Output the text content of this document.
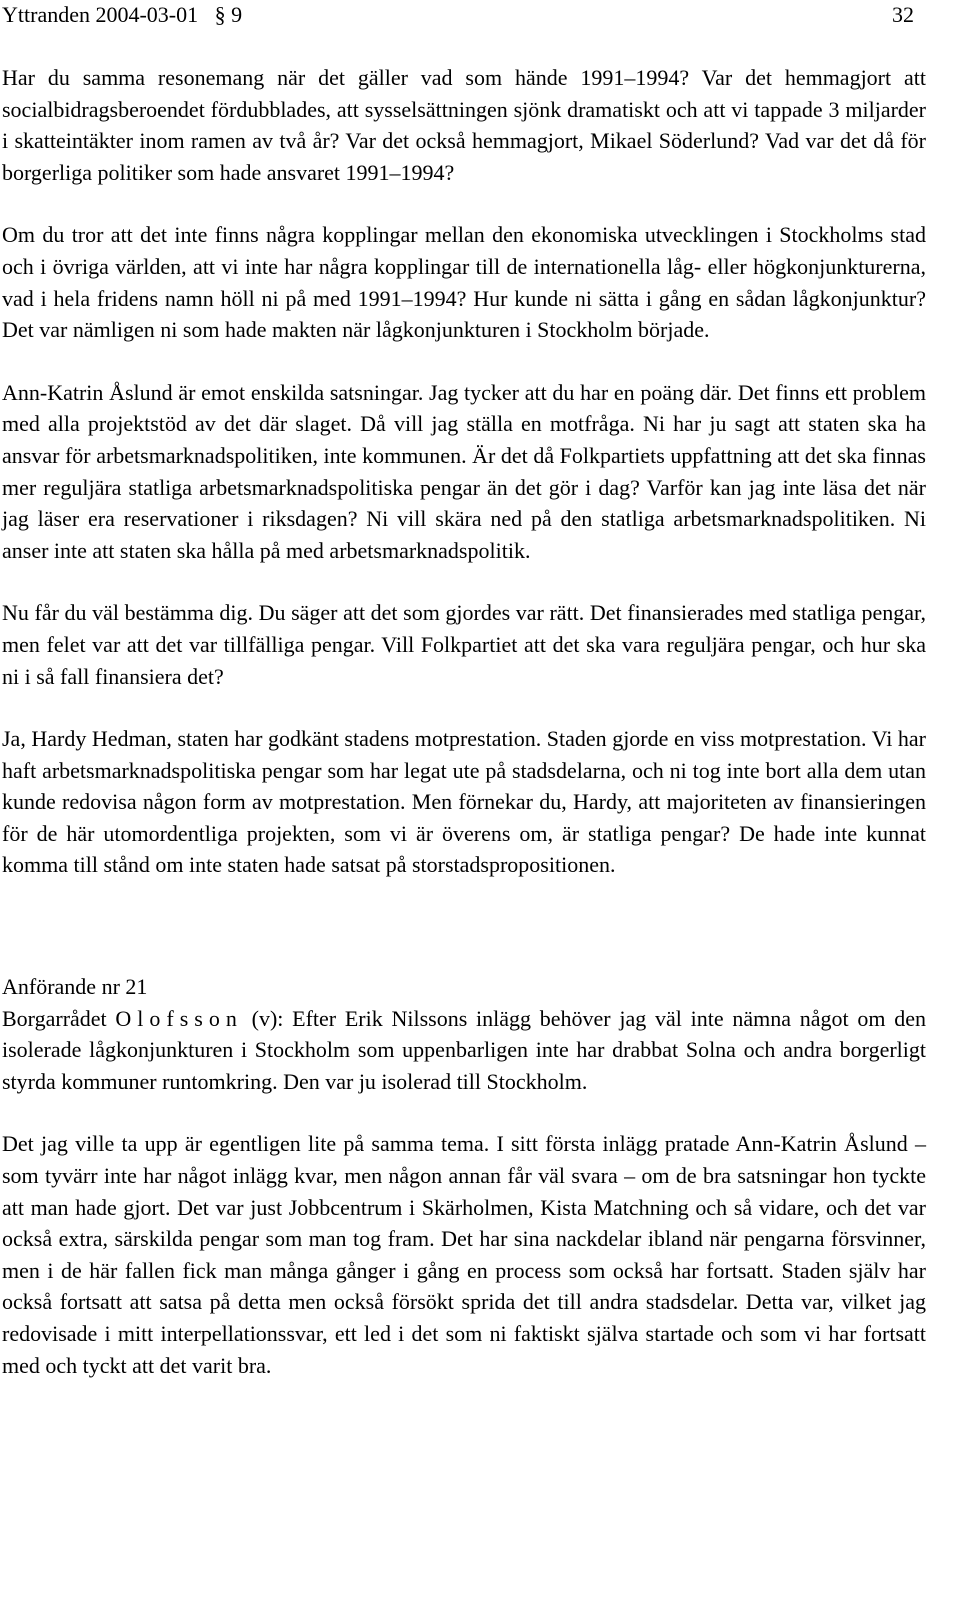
Yttranden 2004-03-01   § 9	32

Har du samma resonemang när det gäller vad som hände 1991–1994? Var det hemmagjort att socialbidragsberoendet fördubblades, att sysselsättningen sjönk dramatiskt och att vi tappade 3 miljarder i skatteintäkter inom ramen av två år? Var det också hemmagjort, Mikael Söderlund? Vad var det då för borgerliga politiker som hade ansvaret 1991–1994?

Om du tror att det inte finns några kopplingar mellan den ekonomiska utvecklingen i Stockholms stad och i övriga världen, att vi inte har några kopplingar till de internationella låg- eller högkonjunkturerna, vad i hela fridens namn höll ni på med 1991–1994? Hur kunde ni sätta i gång en sådan lågkonjunktur? Det var nämligen ni som hade makten när lågkonjunkturen i Stockholm började.

Ann-Katrin Åslund är emot enskilda satsningar. Jag tycker att du har en poäng där. Det finns ett problem med alla projektstöd av det där slaget. Då vill jag ställa en motfråga. Ni har ju sagt att staten ska ha ansvar för arbetsmarknadspolitiken, inte kommunen. Är det då Folkpartiets uppfattning att det ska finnas mer reguljära statliga arbetsmarknadspolitiska pengar än det gör i dag? Varför kan jag inte läsa det när jag läser era reservationer i riksdagen? Ni vill skära ned på den statliga arbetsmarknadspolitiken. Ni anser inte att staten ska hålla på med arbetsmarknadspolitik.

Nu får du väl bestämma dig. Du säger att det som gjordes var rätt. Det finansierades med statliga pengar, men felet var att det var tillfälliga pengar. Vill Folkpartiet att det ska vara reguljära pengar, och hur ska ni i så fall finansiera det?

Ja, Hardy Hedman, staten har godkänt stadens motprestation. Staden gjorde en viss motprestation. Vi har haft arbetsmarknadspolitiska pengar som har legat ute på stadsdelarna, och ni tog inte bort alla dem utan kunde redovisa någon form av motprestation. Men förnekar du, Hardy, att majoriteten av finansieringen för de här utomordentliga projekten, som vi är överens om, är statliga pengar? De hade inte kunnat komma till stånd om inte staten hade satsat på storstadspropositionen.

Anförande nr 21
Borgarrådet Olofsson (v): Efter Erik Nilssons inlägg behöver jag väl inte nämna något om den isolerade lågkonjunkturen i Stockholm som uppenbarligen inte har drabbat Solna och andra borgerligt styrda kommuner runtomkring. Den var ju isolerad till Stockholm.

Det jag ville ta upp är egentligen lite på samma tema. I sitt första inlägg pratade Ann-Katrin Åslund – som tyvärr inte har något inlägg kvar, men någon annan får väl svara – om de bra satsningar hon tyckte att man hade gjort. Det var just Jobbcentrum i Skärholmen, Kista Matchning och så vidare, och det var också extra, särskilda pengar som man tog fram. Det har sina nackdelar ibland när pengarna försvinner, men i de här fallen fick man många gånger i gång en process som också har fortsatt. Staden själv har också fortsatt att satsa på detta men också försökt sprida det till andra stadsdelar. Detta var, vilket jag redovisade i mitt interpellationssvar, ett led i det som ni faktiskt själva startade och som vi har fortsatt med och tyckt att det varit bra.
